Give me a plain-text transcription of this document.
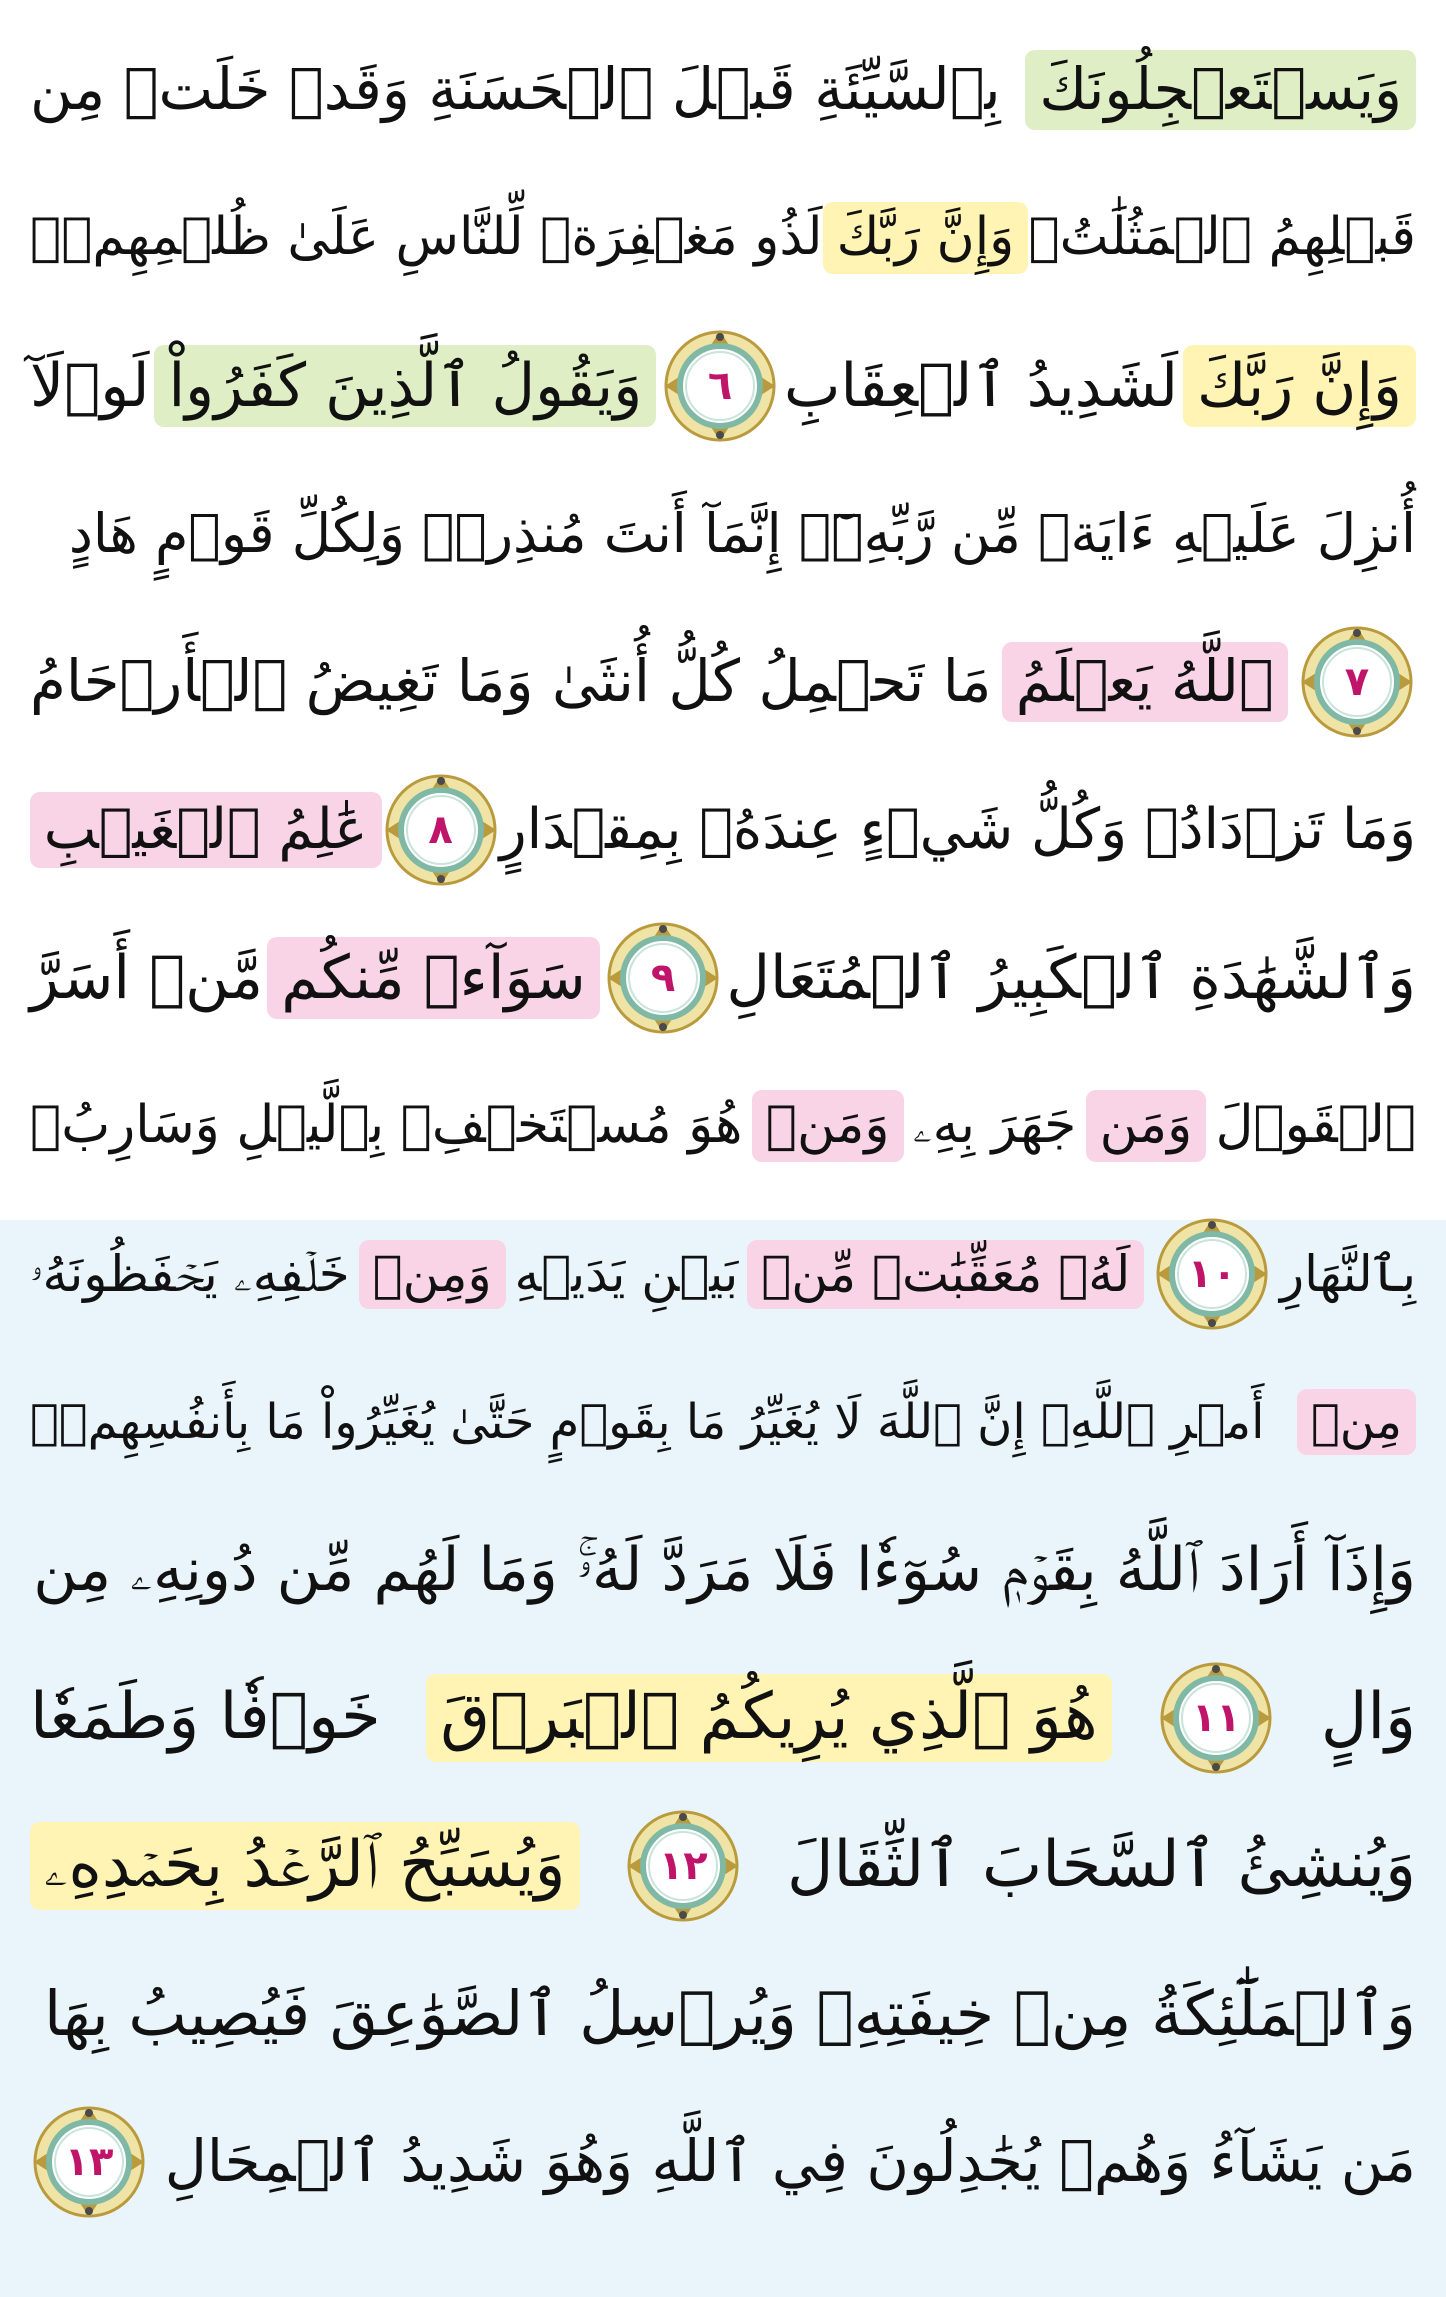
وَيَسۡتَعۡجِلُونَكَ
بِٱلسَّيِّئَةِ قَبۡلَ ٱلۡحَسَنَةِ وَقَدۡ خَلَتۡ مِن
قَبۡلِهِمُ ٱلۡمَثُلَٰتُۗ
وَإِنَّ رَبَّكَ
لَذُو مَغۡفِرَةٖ لِّلنَّاسِ عَلَىٰ ظُلۡمِهِمۡۖ
وَإِنَّ رَبَّكَ
لَشَدِيدُ ٱلۡعِقَابِ
٦
وَيَقُولُ ٱلَّذِينَ كَفَرُواْ
لَوۡلَآ
أُنزِلَ عَلَيۡهِ ءَايَةٞ مِّن رَّبِّهِۦٓۗ إِنَّمَآ أَنتَ مُنذِرٞۖ وَلِكُلِّ قَوۡمٍ هَادٍ
٧
ٱللَّهُ يَعۡلَمُ
مَا تَحۡمِلُ كُلُّ أُنثَىٰ وَمَا تَغِيضُ ٱلۡأَرۡحَامُ
وَمَا تَزۡدَادُۚ وَكُلُّ شَيۡءٍ عِندَهُۥ بِمِقۡدَارٍ
٨
عَٰلِمُ ٱلۡغَيۡبِ
وَٱلشَّهَٰدَةِ ٱلۡكَبِيرُ ٱلۡمُتَعَالِ
٩
سَوَآءٞ مِّنكُم
مَّنۡ أَسَرَّ
ٱلۡقَوۡلَ
وَمَن
جَهَرَ بِهِۦ
وَمَنۡ
هُوَ مُسۡتَخۡفِۭ بِٱلَّيۡلِ وَسَارِبُۢ
بِٱلنَّهَارِ
١٠
لَهُۥ مُعَقِّبَٰتٞ مِّنۢ
بَيۡنِ يَدَيۡهِ
وَمِنۡ
خَلۡفِهِۦ يَحۡفَظُونَهُۥ
مِنۡ
أَمۡرِ ٱللَّهِۗ إِنَّ ٱللَّهَ لَا يُغَيِّرُ مَا بِقَوۡمٍ حَتَّىٰ يُغَيِّرُواْ مَا بِأَنفُسِهِمۡۗ
وَإِذَآ أَرَادَ ٱللَّهُ بِقَوۡمٖ سُوٓءٗا فَلَا مَرَدَّ لَهُۥۚ وَمَا لَهُم مِّن دُونِهِۦ مِن
وَالٍ
١١
هُوَ ٱلَّذِي يُرِيكُمُ ٱلۡبَرۡقَ
خَوۡفٗا وَطَمَعٗا
وَيُنشِئُ ٱلسَّحَابَ ٱلثِّقَالَ
١٢
وَيُسَبِّحُ ٱلرَّعۡدُ بِحَمۡدِهِۦ
وَٱلۡمَلَٰٓئِكَةُ مِنۡ خِيفَتِهِۦ وَيُرۡسِلُ ٱلصَّوَٰعِقَ فَيُصِيبُ بِهَا
مَن يَشَآءُ وَهُمۡ يُجَٰدِلُونَ فِي ٱللَّهِ وَهُوَ شَدِيدُ ٱلۡمِحَالِ
١٣
